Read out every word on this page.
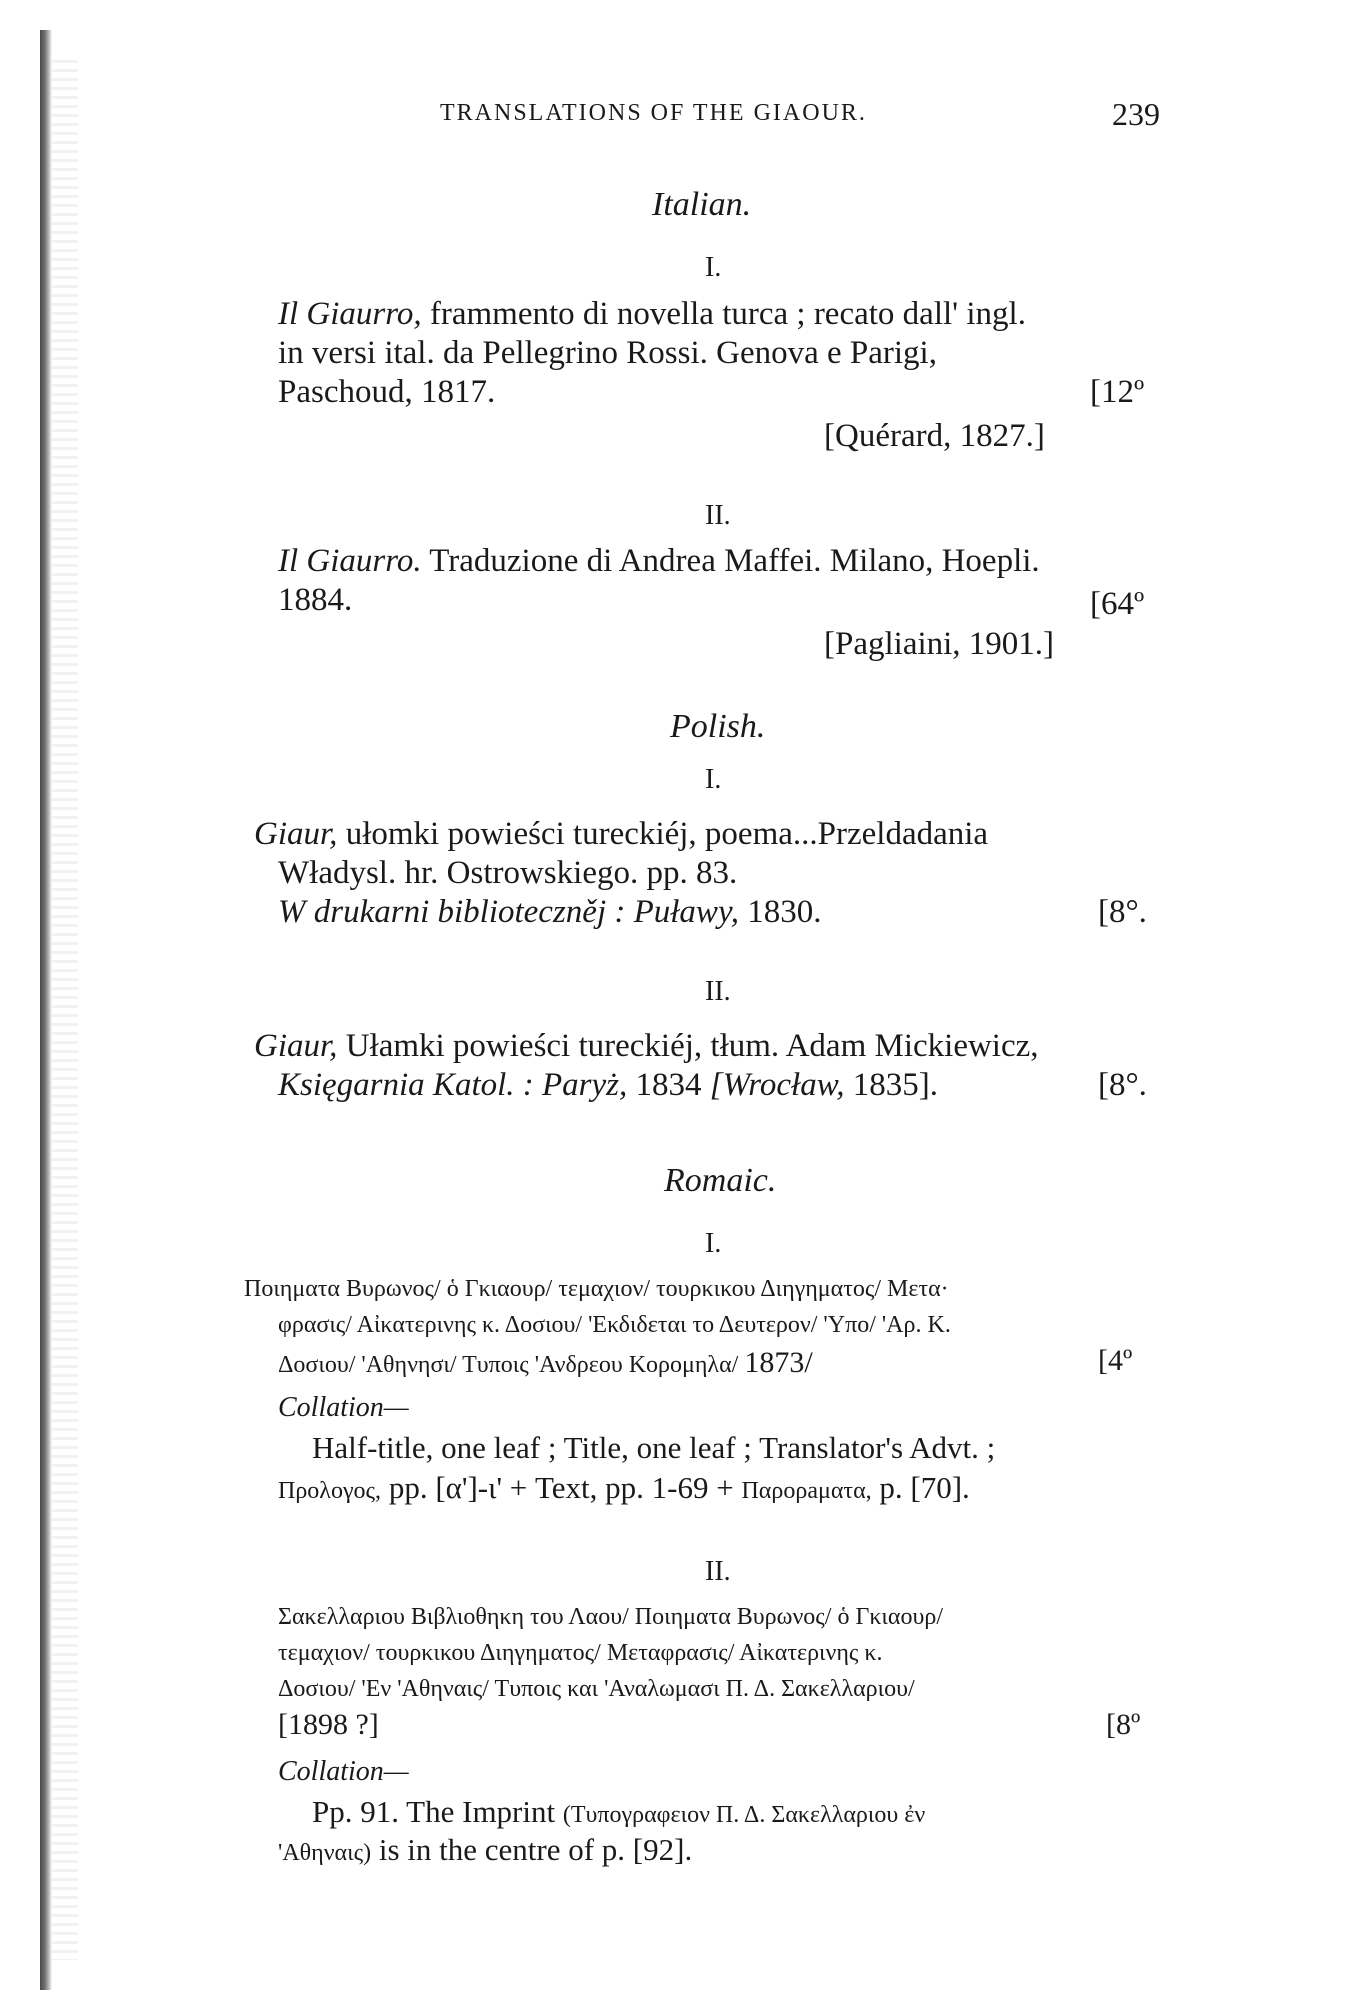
TRANSLATIONS OF THE GIAOUR.	239
Italian.
I.
Il Giaurro, frammento di novella turca ; recato dall' ingl.
in versi ital. da Pellegrino Rossi. Genova e Parigi,
Paschoud, 1817.	[12º
[Quérard, 1827.]
II.
Il Giaurro. Traduzione di Andrea Maffei. Milano, Hoepli.
1884.	[64º
[Pagliaini, 1901.]
Polish.
I.
Giaur, ułomki powieści tureckiéj, poema...Przeldadania
Władysl. hr. Ostrowskiego. pp. 83.
W drukarni biblioteczněj : Puławy, 1830.	[8°.
II.
Giaur, Ułamki powieści tureckiéj, tłum. Adam Mickiewicz,
Księgarnia Katol. : Paryż, 1834 [Wrocław, 1835].	[8°.
Romaic.
I.
Ποιηματα Βυρωνος/ ὁ Γκιαουρ/ τεμαχιον/ τουρκικου Διηγηματος/ Μετα·
φρασις/ Αἰκατερινης κ. Δοσιου/ 'Εκδιδεται το Δευτερον/ 'Υπο/ 'Αρ. Κ.
Δοσιου/ 'Αθηνησι/ Τυποις 'Ανδρεου Κορομηλα/ 1873/	[4º
Collation—
Half-title, one leaf ; Title, one leaf ; Translator's Advt. ;
Προλογος, pp. [α']-ι' + Text, pp. 1-69 + Παρορaματα, p. [70].
II.
Σακελλαριου Βιβλιοθηκη του Λαου/ Ποιηματα Βυρωνος/ ὁ Γκιαουρ/
τεμαχιον/ τουρκικου Διηγηματος/ Μεταφρασις/ Αἰκατερινης κ.
Δοσιου/ 'Εν 'Αθηναις/ Τυποις και 'Αναλωμασι Π. Δ. Σακελλαριου/
[1898 ?]	[8º
Collation—
Pp. 91. The Imprint (Τυπογραφειον Π. Δ. Σακελλαριου ἐν
'Αθηναις) is in the centre of p. [92].
